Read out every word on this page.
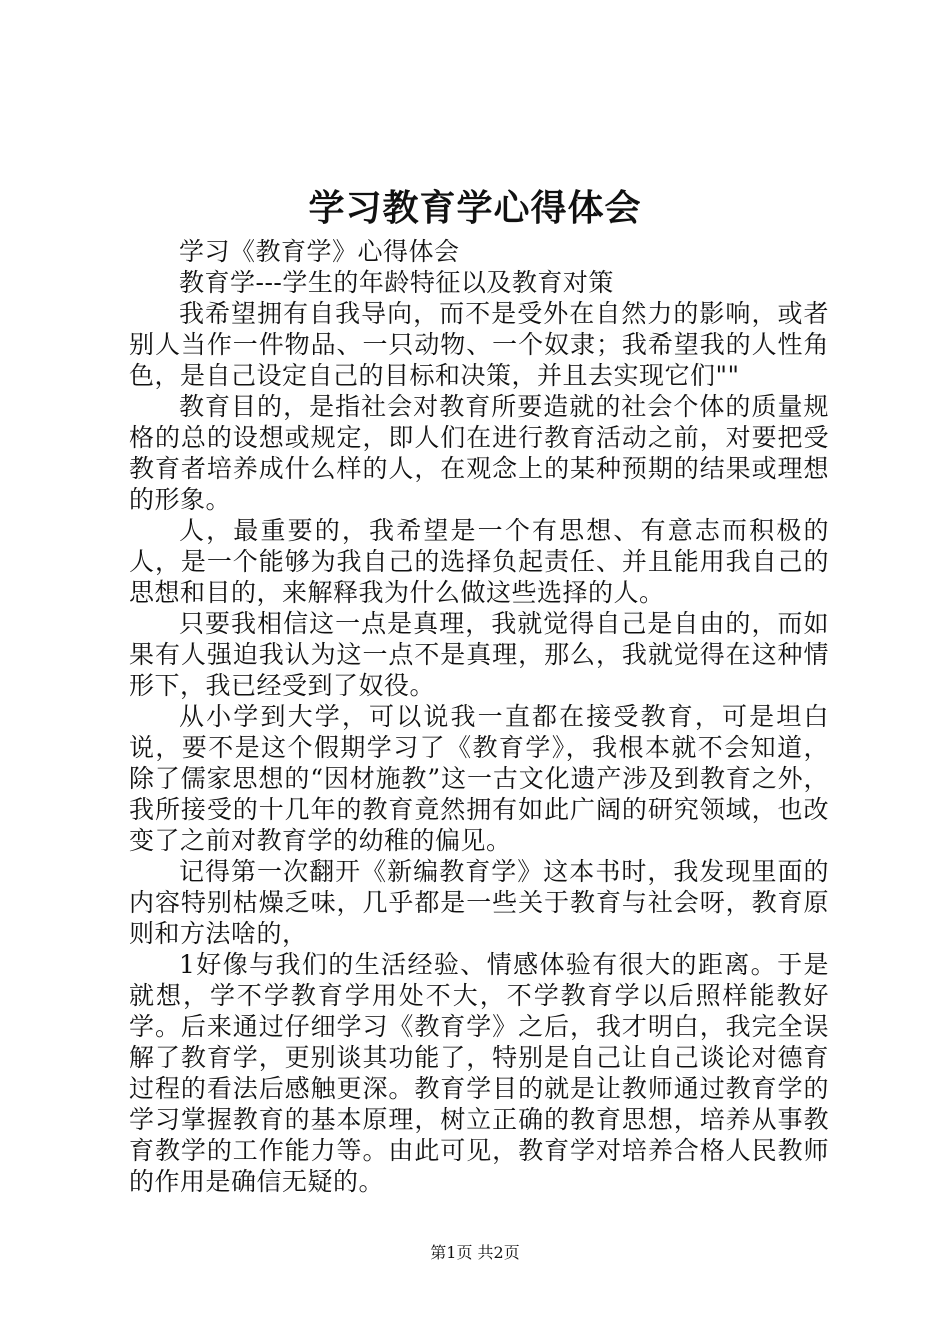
学习教育学心得体会

学习《教育学》心得体会

教育学---学生的年龄特征以及教育对策

我希望拥有自我导向，而不是受外在自然力的影响，或者别人当作一件物品、一只动物、一个奴隶；我希望我的人性角色，是自己设定自己的目标和决策，并且去实现它们""

教育目的，是指社会对教育所要造就的社会个体的质量规格的总的设想或规定，即人们在进行教育活动之前，对要把受教育者培养成什么样的人，在观念上的某种预期的结果或理想的形象。

人，最重要的，我希望是一个有思想、有意志而积极的人，是一个能够为我自己的选择负起责任、并且能用我自己的思想和目的，来解释我为什么做这些选择的人。

只要我相信这一点是真理，我就觉得自己是自由的，而如果有人强迫我认为这一点不是真理，那么，我就觉得在这种情形下，我已经受到了奴役。

从小学到大学，可以说我一直都在接受教育，可是坦白说，要不是这个假期学习了《教育学》，我根本就不会知道，除了儒家思想的“因材施教”这一古文化遗产涉及到教育之外，我所接受的十几年的教育竟然拥有如此广阔的研究领域，也改变了之前对教育学的幼稚的偏见。

记得第一次翻开《新编教育学》这本书时，我发现里面的内容特别枯燥乏味，几乎都是一些关于教育与社会呀，教育原则和方法啥的，

1好像与我们的生活经验、情感体验有很大的距离。于是就想，学不学教育学用处不大，不学教育学以后照样能教好学。后来通过仔细学习《教育学》之后，我才明白，我完全误解了教育学，更别谈其功能了，特别是自己让自己谈论对德育过程的看法后感触更深。教育学目的就是让教师通过教育学的学习掌握教育的基本原理，树立正确的教育思想，培养从事教育教学的工作能力等。由此可见，教育学对培养合格人民教师的作用是确信无疑的。

第1页 共2页
